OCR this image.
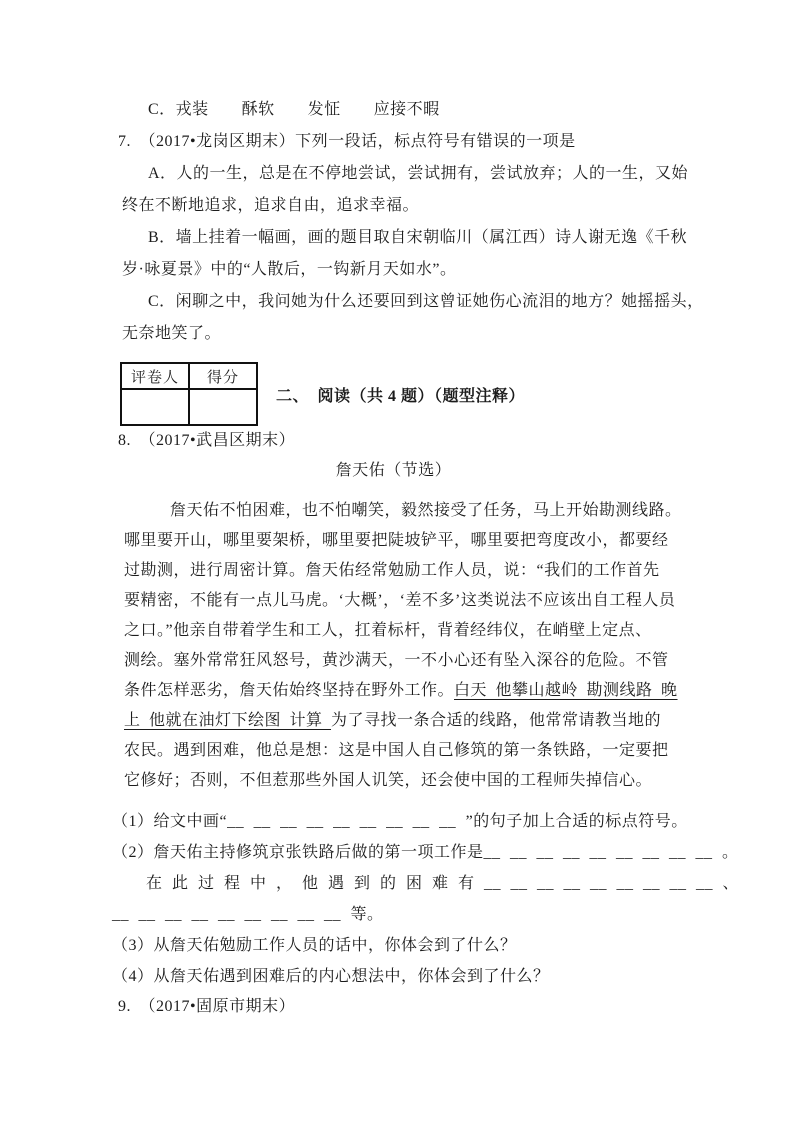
C．戎装　　酥软　　发怔　　应接不暇
7.　（2017•龙岗区期末）下列一段话，标点符号有错误的一项是
A．人的一生，总是在不停地尝试，尝试拥有，尝试放弃；人的一生，又始
终在不断地追求，追求自由，追求幸福。
B．墙上挂着一幅画，画的题目取自宋朝临川（属江西）诗人谢无逸《千秋
岁·咏夏景》中的“人散后，一钩新月天如水”。
C．闲聊之中，我问她为什么还要回到这曾证她伤心流泪的地方？她摇摇头，
无奈地笑了。
评卷人	得分

二、　阅读（共 4 题）（题型注释）
8.　（2017•武昌区期末）
詹天佑（节选）
詹天佑不怕困难，也不怕嘲笑，毅然接受了任务，马上开始勘测线路。
哪里要开山，哪里要架桥，哪里要把陡坡铲平，哪里要把弯度改小，都要经
过勘测，进行周密计算。詹天佑经常勉励工作人员，说：“我们的工作首先
要精密，不能有一点儿马虎。‘大概’，‘差不多’这类说法不应该出自工程人员
之口。”他亲自带着学生和工人，扛着标杆，背着经纬仪，在峭壁上定点、
测绘。塞外常常狂风怒号，黄沙满天，一不小心还有坠入深谷的危险。不管
条件怎样恶劣，詹天佑始终坚持在野外工作。白天 他攀山越岭 勘测线路 晚
上 他就在油灯下绘图 计算 为了寻找一条合适的线路，他常常请教当地的
农民。遇到困难，他总是想：这是中国人自己修筑的第一条铁路，一定要把
它修好；否则，不但惹那些外国人讥笑，还会使中国的工程师失掉信心。
（1）给文中画“__ __ __ __ __ __ __ __ __ ”的句子加上合适的标点符号。
（2）詹天佑主持修筑京张铁路后做的第一项工作是__ __ __ __ __ __ __ __ __ 。
在 此 过 程 中 ， 他 遇 到 的 困 难 有 __ __ __ __ __ __ __ __ __ 、
__ __ __ __ __ __ __ __ __ 等。
（3）从詹天佑勉励工作人员的话中，你体会到了什么？
（4）从詹天佑遇到困难后的内心想法中，你体会到了什么？
9.　（2017•固原市期末）
